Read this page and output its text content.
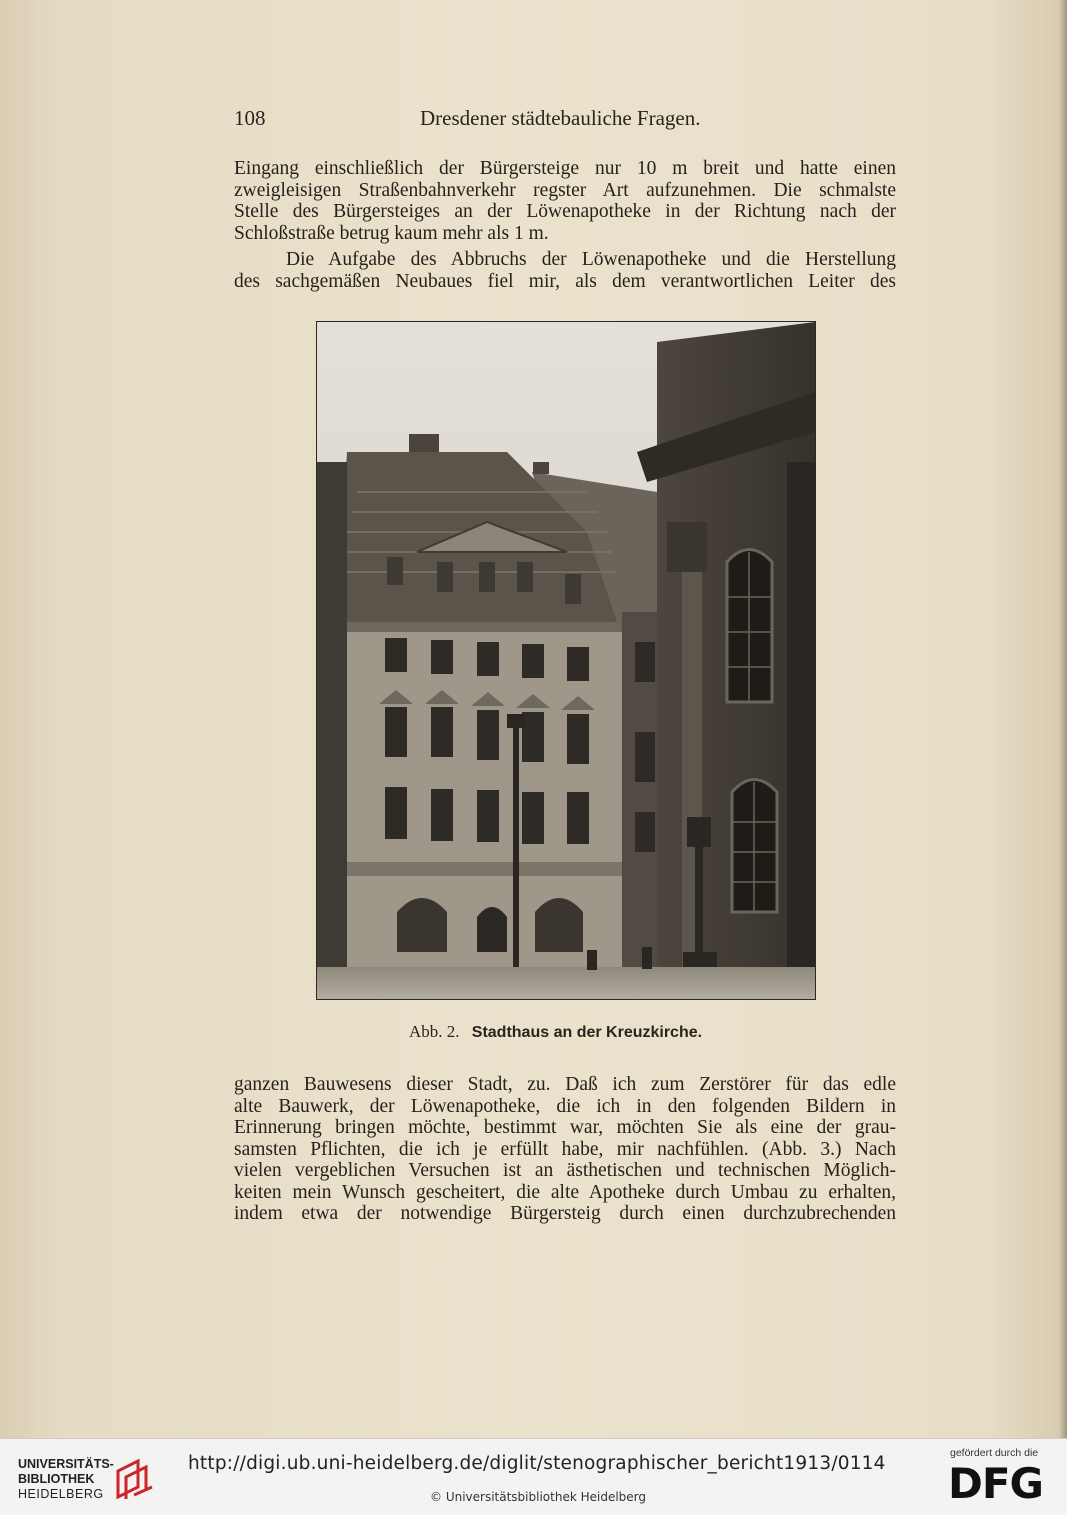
108	Dresdener städtebauliche Fragen.

Eingang einschließlich der Bürgersteige nur 10 m breit und hatte einen
zweigleisigen Straßenbahnverkehr regster Art aufzunehmen. Die schmalste
Stelle des Bürgersteiges an der Löwenapotheke in der Richtung nach der
Schloßstraße betrug kaum mehr als 1 m.

Die Aufgabe des Abbruchs der Löwenapotheke und die Herstellung
des sachgemäßen Neubaues fiel mir, als dem verantwortlichen Leiter des

Abb. 2. Stadthaus an der Kreuzkirche.

ganzen Bauwesens dieser Stadt, zu. Daß ich zum Zerstörer für das edle
alte Bauwerk, der Löwenapotheke, die ich in den folgenden Bildern in
Erinnerung bringen möchte, bestimmt war, möchten Sie als eine der grau-
samsten Pflichten, die ich je erfüllt habe, mir nachfühlen. (Abb. 3.) Nach
vielen vergeblichen Versuchen ist an ästhetischen und technischen Möglich-
keiten mein Wunsch gescheitert, die alte Apotheke durch Umbau zu erhalten,
indem etwa der notwendige Bürgersteig durch einen durchzubrechenden

UNIVERSITÄTS-
BIBLIOTHEK
HEIDELBERG
http://digi.ub.uni-heidelberg.de/diglit/stenographischer_bericht1913/0114
© Universitätsbibliothek Heidelberg
gefördert durch die
DFG
